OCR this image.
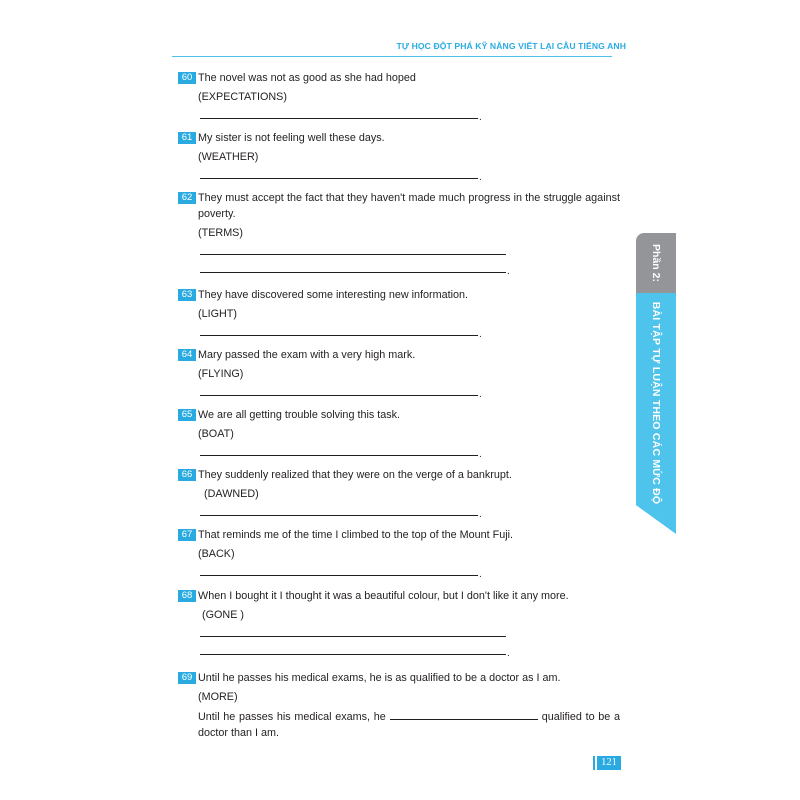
TỰ HỌC ĐỘT PHÁ KỸ NĂNG VIẾT LẠI CÂU TIẾNG ANH
60 The novel was not as good as she had hoped
(EXPECTATIONS)
.
61 My sister is not feeling well these days.
(WEATHER)
.
62 They must accept the fact that they haven't made much progress in the struggle against poverty.
(TERMS)
.
63 They have discovered some interesting new information.
(LIGHT)
.
64 Mary passed the exam with a very high mark.
(FLYING)
.
65 We are all getting trouble solving this task.
(BOAT)
.
66 They suddenly realized that they were on the verge of a bankrupt.
(DAWNED)
.
67 That reminds me of the time I climbed to the top of the Mount Fuji.
(BACK)
.
68 When I bought it I thought it was a beautiful colour, but I don't like it any more.
(GONE )
.
69 Until he passes his medical exams, he is as qualified to be a doctor as I am.
(MORE)
Until he passes his medical exams, he	qualified to be a doctor than I am.
Phần 2:
BÀI TẬP TỰ LUẬN THEO CÁC MỨC ĐỘ
121
